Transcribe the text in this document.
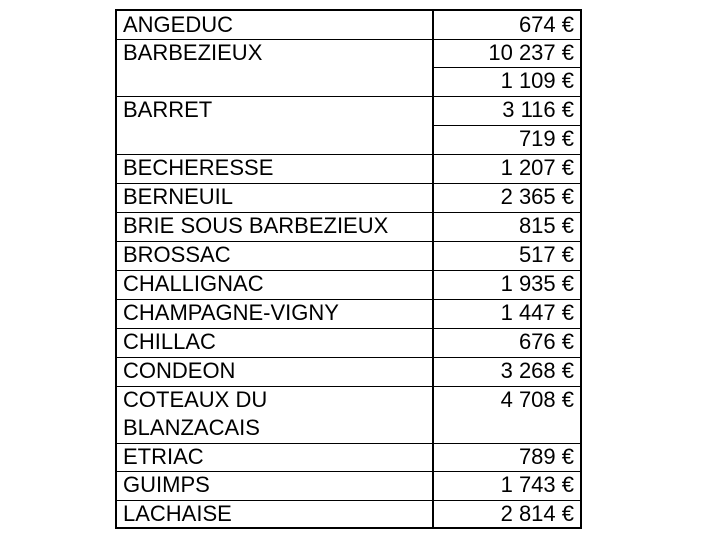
ANGEDUC
BARBEZIEUX
BARRET
BECHERESSE
BERNEUIL
BRIE SOUS BARBEZIEUX
BROSSAC
CHALLIGNAC
CHAMPAGNE-VIGNY
CHILLAC
CONDEON
COTEAUX DU
BLANZACAIS
ETRIAC
GUIMPS
LACHAISE
674 €
10 237 €
1 109 €
3 116 €
719 €
1 207 €
2 365 €
815 €
517 €
1 935 €
1 447 €
676 €
3 268 €
4 708 €
789 €
1 743 €
2 814 €
